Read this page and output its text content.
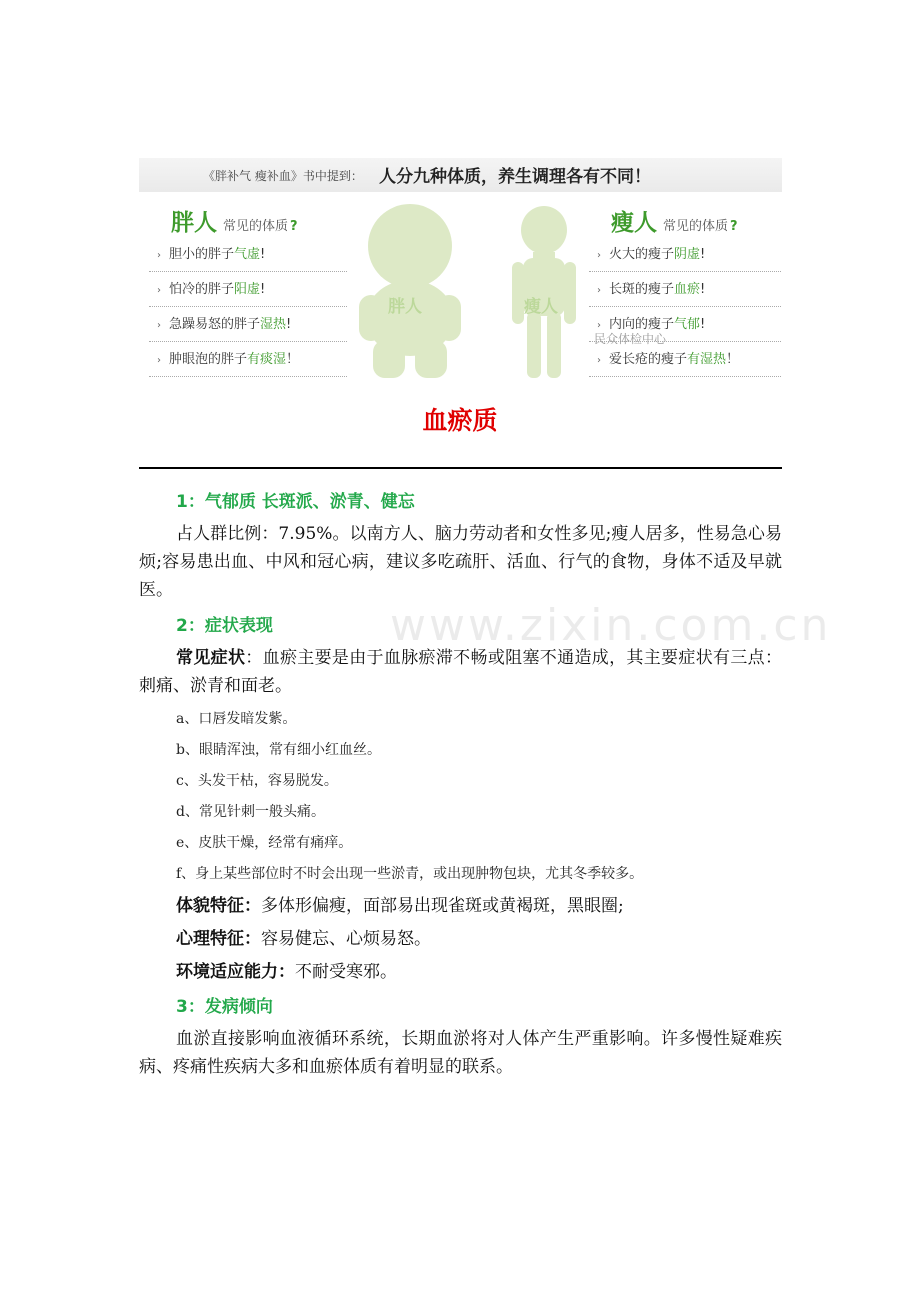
www.zixin.com.cn
《胖补气 瘦补血》书中提到： 人分九种体质，养生调理各有不同！
胖人 常见的体质 ?
› 胆小的胖子气虚!
› 怕冷的胖子阳虚!
› 急躁易怒的胖子湿热!
› 肿眼泡的胖子有痰湿！
胖人	瘦人
瘦人 常见的体质 ?
› 火大的瘦子阴虚!
› 长斑的瘦子血瘀!
› 内向的瘦子气郁!
› 爱长疮的瘦子有湿热！
民众体检中心
血瘀质

1：气郁质 长斑派、淤青、健忘

占人群比例：7.95%。以南方人、脑力劳动者和女性多见;瘦人居多，性易急心易烦;容易患出血、中风和冠心病，建议多吃疏肝、活血、行气的食物，身体不适及早就医。

2：症状表现

常见症状：血瘀主要是由于血脉瘀滞不畅或阻塞不通造成，其主要症状有三点：刺痛、淤青和面老。

a、口唇发暗发紫。

b、眼睛浑浊，常有细小红血丝。

c、头发干枯，容易脱发。

d、常见针刺一般头痛。

e、皮肤干燥，经常有痛痒。

f、身上某些部位时不时会出现一些淤青，或出现肿物包块，尤其冬季较多。

体貌特征：多体形偏瘦，面部易出现雀斑或黄褐斑，黑眼圈;

心理特征：容易健忘、心烦易怒。

环境适应能力：不耐受寒邪。

3：发病倾向

血淤直接影响血液循环系统，长期血淤将对人体产生严重影响。许多慢性疑难疾病、疼痛性疾病大多和血瘀体质有着明显的联系。
